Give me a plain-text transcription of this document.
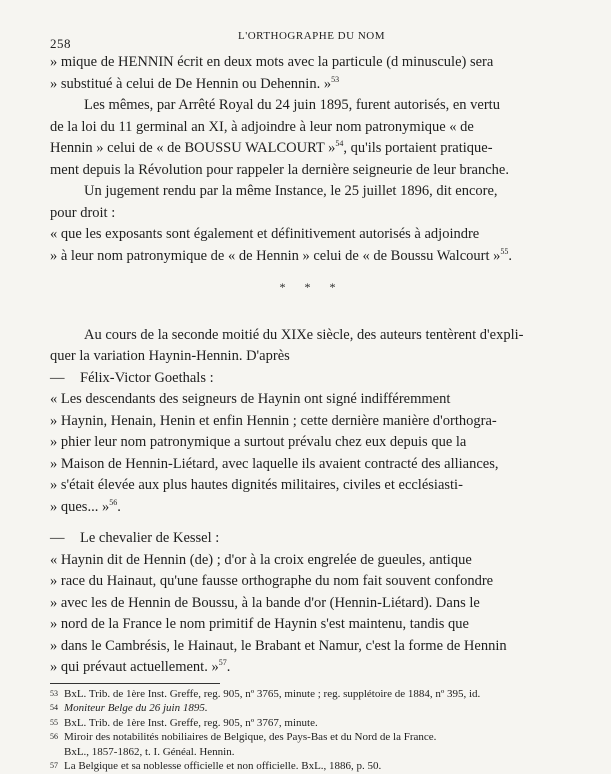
258	L'ORTHOGRAPHE DU NOM

» mique de HENNIN écrit en deux mots avec la particule (d minuscule) sera

» substitué à celui de De Hennin ou Dehennin. »$^{53}$

Les mêmes, par Arrêté Royal du 24 juin 1895, furent autorisés, en vertu

de la loi du 11 germinal an XI, à adjoindre à leur nom patronymique « de

Hennin » celui de « de BOUSSU WALCOURT »$^{54}$, qu'ils portaient pratique-

ment depuis la Révolution pour rappeler la dernière seigneurie de leur branche.

Un jugement rendu par la même Instance, le 25 juillet 1896, dit encore,

pour droit :

« que les exposants sont également et définitivement autorisés à adjoindre

» à leur nom patronymique de « de Hennin » celui de « de Boussu Walcourt »$^{55}$.

* * *

Au cours de la seconde moitié du XIXe siècle, des auteurs tentèrent d'expli-

quer la variation Haynin-Hennin. D'après

— Félix-Victor Goethals :

« Les descendants des seigneurs de Haynin ont signé indifféremment

» Haynin, Henain, Henin et enfin Hennin ; cette dernière manière d'orthogra-

» phier leur nom patronymique a surtout prévalu chez eux depuis que la

» Maison de Hennin-Liétard, avec laquelle ils avaient contracté des alliances,

» s'était élevée aux plus hautes dignités militaires, civiles et ecclésiasti-

» ques... »$^{56}$.

— Le chevalier de Kessel :

« Haynin dit de Hennin (de) ; d'or à la croix engrelée de gueules, antique

» race du Hainaut, qu'une fausse orthographe du nom fait souvent confondre

» avec les de Hennin de Boussu, à la bande d'or (Hennin-Liétard). Dans le

» nord de la France le nom primitif de Haynin s'est maintenu, tandis que

» dans le Cambrésis, le Hainaut, le Brabant et Namur, c'est la forme de Hennin

» qui prévaut actuellement. »$^{57}$.

53 BxL. Trib. de 1ère Inst. Greffe, reg. 905, nº 3765, minute ; reg. supplétoire de 1884, nº 395, id.
54 Moniteur Belge du 26 juin 1895.
55 BxL. Trib. de 1ère Inst. Greffe, reg. 905, nº 3767, minute.
56 Miroir des notabilités nobiliaires de Belgique, des Pays-Bas et du Nord de la France.
BxL., 1857-1862, t. I. Généal. Hennin.
57 La Belgique et sa noblesse officielle et non officielle. BxL., 1886, p. 50.
